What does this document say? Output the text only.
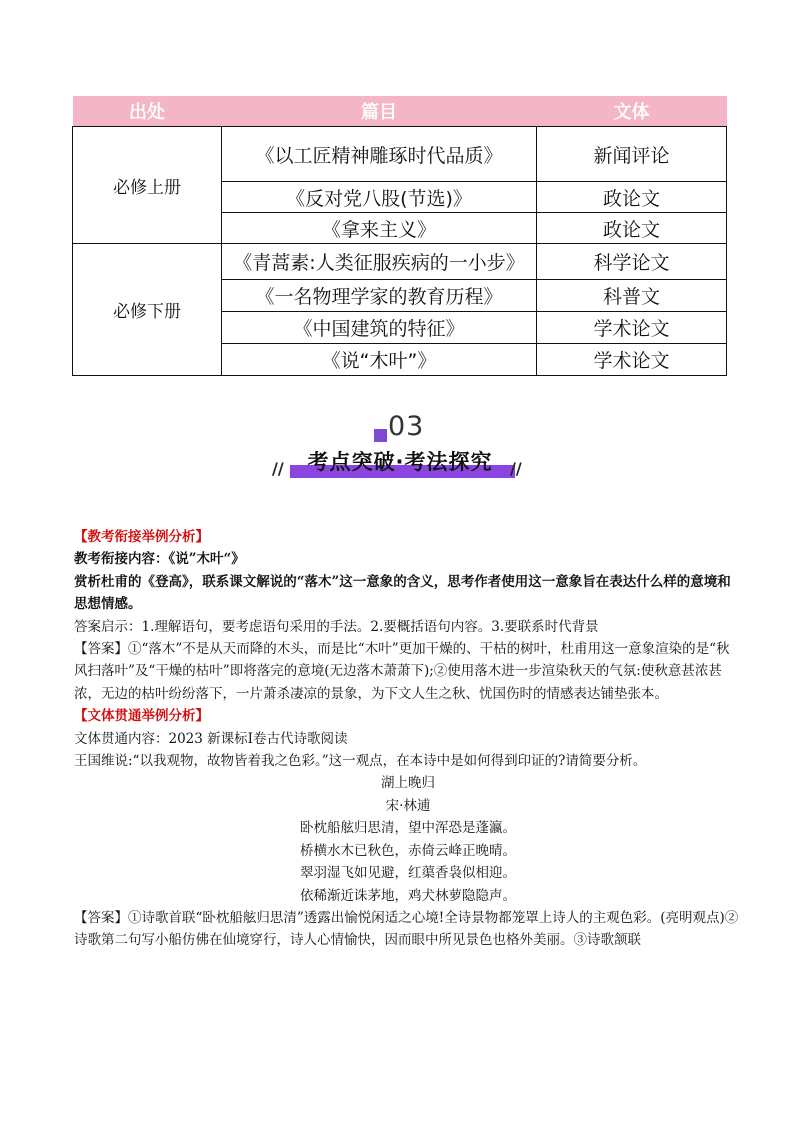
出处	篇目	文体
必修上册	《以工匠精神雕琢时代品质》	新闻评论
	《反对党八股(节选)》	政论文
	《拿来主义》	政论文
必修下册	《青蒿素:人类征服疾病的一小步》	科学论文
	《一名物理学家的教育历程》	科普文
	《中国建筑的特征》	学术论文
	《说“木叶”》	学术论文
03
//	//
考点突破·考法探究

【教考衔接举例分析】

教考衔接内容：《说”木叶“》

赏析杜甫的《登高》，联系课文解说的“落木”这一意象的含义，思考作者使用这一意象旨在表达什么样的意境和思想情感。

答案启示：1.理解语句，要考虑语句采用的手法。2.要概括语句内容。3.要联系时代背景

【答案】①“落木”不是从天而降的木头，而是比“木叶”更加干燥的、干枯的树叶，杜甫用这一意象渲染的是“秋风扫落叶”及“干燥的枯叶”即将落完的意境(无边落木萧萧下);②使用落木进一步渲染秋天的气氛:使秋意甚浓甚浓，无边的枯叶纷纷落下，一片萧杀凄凉的景象，为下文人生之秋、忧国伤时的情感表达铺垫张本。

【文体贯通举例分析】

文体贯通内容：2023 新课标Ⅰ卷古代诗歌阅读

王国维说:“以我观物，故物皆着我之色彩。”这一观点，在本诗中是如何得到印证的?请简要分析。

湖上晚归

宋·林逋

卧枕船舷归思清，望中浑恐是蓬瀛。

桥横水木已秋色，赤倚云峰正晚晴。

翠羽湿飞如见避，红蕖香袅似相迎。

依稀渐近诛茅地，鸡犬林萝隐隐声。

【答案】①诗歌首联“卧枕船舷归思清”透露出愉悦闲适之心境!全诗景物都笼罩上诗人的主观色彩。(亮明观点)②诗歌第二句写小船仿佛在仙境穿行，诗人心情愉快，因而眼中所见景色也格外美丽。③诗歌颔联
